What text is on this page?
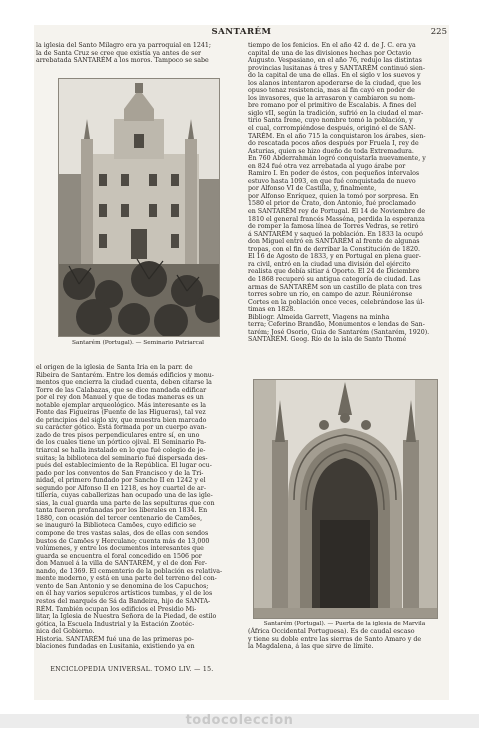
SANTARÉM	225

la iglesia del Santo Milagro era ya parroquial en 1241;

la de Santa Cruz se cree que existía ya antes de ser

arrebatada SANTARÉM a los moros. Tampoco se sabe

Santarém (Portugal). — Seminario Patriarcal

el origen de la iglesia de Santa Iria en la parr. de

Ribeira de Santarém. Entre los demás edificios y monu-

mentos que encierra la ciudad cuenta, deben citarse la

Torre de las Calabazas, que se dice mandada edificar

por el rey don Manuel y que de todas maneras es un

notable ejemplar arqueológico. Más interesante es la

Fonte das Figueiras (Fuente de las Higueras), tal vez

de principios del siglo xiv, que muestra bien marcado

su carácter gótico. Está formada por un cuerpo avan-

zado de tres pisos perpendiculares entre sí, en uno

de los cuales tiene un pórtico ojival. El Seminario Pa-

triarcal se halla instalado en lo que fué colegio de je-

suitas; la biblioteca del seminario fué dispersada des-

pués del establecimiento de la República. El lugar ocu-

pado por los conventos de San Francisco y de la Tri-

nidad, el primero fundado por Sancho II en 1242 y el

segundo por Alfonso II en 1218, es hoy cuartel de ar-

tillería, cuyas caballerizas han ocupado una de las igle-

sias, la cual guarda una parte de las sepulturas que con

tanta fueron profanadas por los liberales en 1834. En

1880, con ocasión del tercer centenario de Camões,

se inauguró la Biblioteca Camões, cuyo edificio se

compone de tres vastas salas, dos de ellas con sendos

bustos de Camões y Herculano; cuenta más de 13,000

volúmenes, y entre los documentos interesantes que

guarda se encuentra el foral concedido en 1506 por

don Manuel á la villa de SANTARÉM, y el de don Fer-

nando, de 1369. El cementerio de la población es relativa-

mente moderno, y está en una parte del terreno del con-

vento de San Antonio y se denomina de los Capuchos;

en él hay varios sepulcros artísticos tumbas, y el de los

restos del marqués de Sá da Bandeira, hijo de SANTA-

RÉM. También ocupan los edificios el Presidio Mi-

litar, la Iglesia de Nuestra Señora de la Piedad, de estilo

gótica, la Escuela Industrial y la Estación Zootéc-

nica del Gobierno.

Historia. SANTARÉM fué una de las primeras po-

blaciones fundadas en Lusitania, existiendo ya en

ENCICLOPEDIA UNIVERSAL. TOMO LIV. — 15.

tiempo de los fenicios. En el año 42 d. de J. C. era ya

capital de una de las divisiones hechas por Octavio

Augusto. Vespasiano, en el año 76, redujo las distintas

provincias lusitanas á tres y SANTARÉM continuó sien-

do la capital de una de ellas. En el siglo v los suevos y

los alanos intentaron apoderarse de la ciudad, que les

opuso tenaz resistencia, mas al fin cayó en poder de

los invasores, que la arrasaron y cambiaron su nom-

bre romano por el primitivo de Escalabis. A fines del

siglo vII, según la tradición, sufrió en la ciudad el mar-

tirio Santa Irene, cuyo nombre tomó la población, y

el cual, corrompiéndose después, originó el de SAN-

TARÉM. En el año 715 la conquistaron los árabes, sien-

do rescatada pocos años después por Fruela I, rey de

Asturias, quien se hizo dueño de toda Extremadura.

En 760 Abderrahmán logró conquistarla nuevamente, y

en 824 fué otra vez arrebatada al yugo árabe por

Ramiro I. En poder de éstos, con pequeños intervalos

estuvo hasta 1093, en que fué conquistada de nuevo

por Alfonso VI de Castilla, y, finalmente,

por Alfonso Enríquez, quien la tomó por sorpresa. En

1580 el prior de Crato, don Antonio, fué proclamado

en SANTARÉM rey de Portugal. El 14 de Noviembre de

1810 el general francés Masséna, perdida la esperanza

de romper la famosa línea de Torres Vedras, se retiró

á SANTARÉM y saqueó la población. En 1833 la ocupó

don Miguel entró en SANTARÉM al frente de algunas

tropas, con el fin de derribar la Constitución de 1820.

El 16 de Agosto de 1833, y en Portugal en plena guer-

ra civil, entró en la ciudad una división del ejército

realista que debía sitiar á Oporto. El 24 de Diciembre

de 1868 recuperó su antigua categoría de ciudad. Las

armas de SANTARÉM son un castillo de plata con tres

torres sobre un río, en campo de azur. Reuniéronse

Cortes en la población once veces, celebrándose las úl-

timas en 1828.

Bibliogr. Almeida Garrett, Viagens na minha

terra; Ceferino Brandão, Monumentos e lendas de San-

tarém; José Osorio, Guia de Santarém (Santarém, 1920).

SANTARÉM. Geog. Río de la isla de Santo Thomé

Santarém (Portugal). — Puerta de la iglesia de Marvila

(África Occidental Portuguesa). Es de caudal escaso

y tiene su doble entre las sierras de Santo Amaro y de

la Magdalena, á las que sirve de límite.

todocoleccion
